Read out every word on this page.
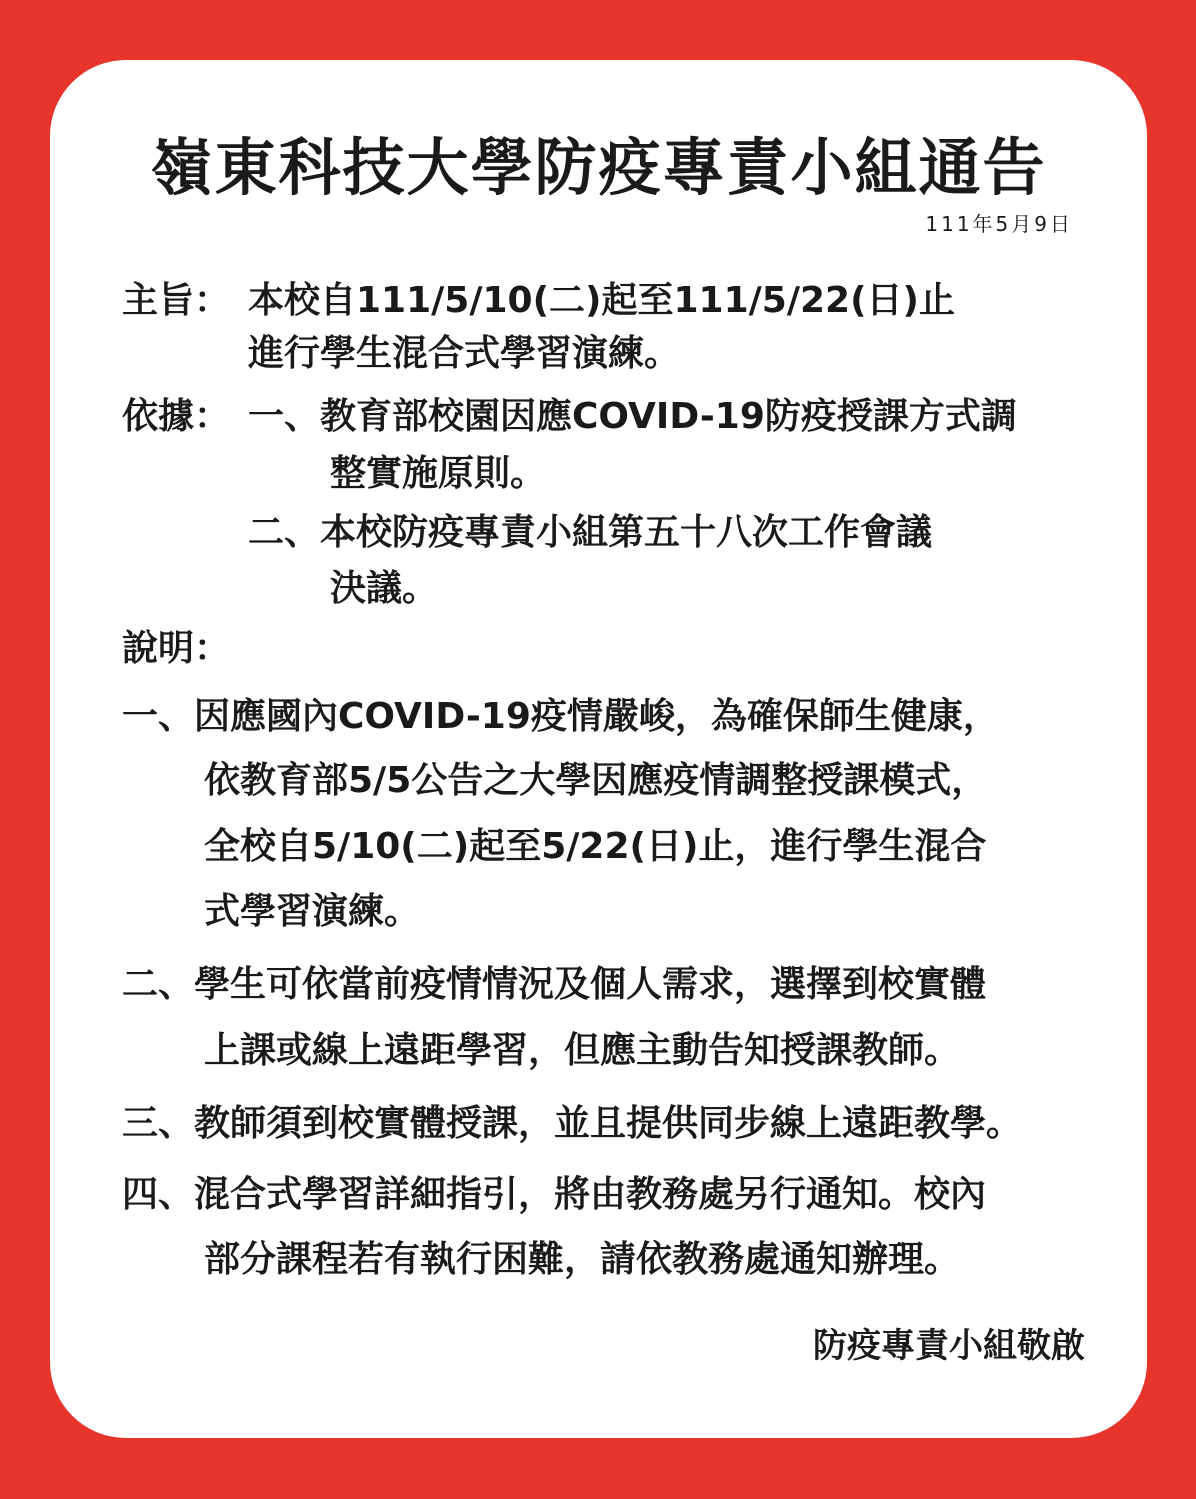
嶺東科技大學防疫專責小組通告
111年5月9日
主旨： 本校自111/5/10(二)起至111/5/22(日)止
進行學生混合式學習演練。
依據： 一、教育部校園因應COVID-19防疫授課方式調
整實施原則。
二、本校防疫專責小組第五十八次工作會議
決議。
說明：
一、因應國內COVID-19疫情嚴峻，為確保師生健康，
依教育部5/5公告之大學因應疫情調整授課模式，
全校自5/10(二)起至5/22(日)止，進行學生混合
式學習演練。
二、學生可依當前疫情情況及個人需求，選擇到校實體
上課或線上遠距學習，但應主動告知授課教師。
三、教師須到校實體授課，並且提供同步線上遠距教學。
四、混合式學習詳細指引，將由教務處另行通知。校內
部分課程若有執行困難，請依教務處通知辦理。
防疫專責小組敬啟
